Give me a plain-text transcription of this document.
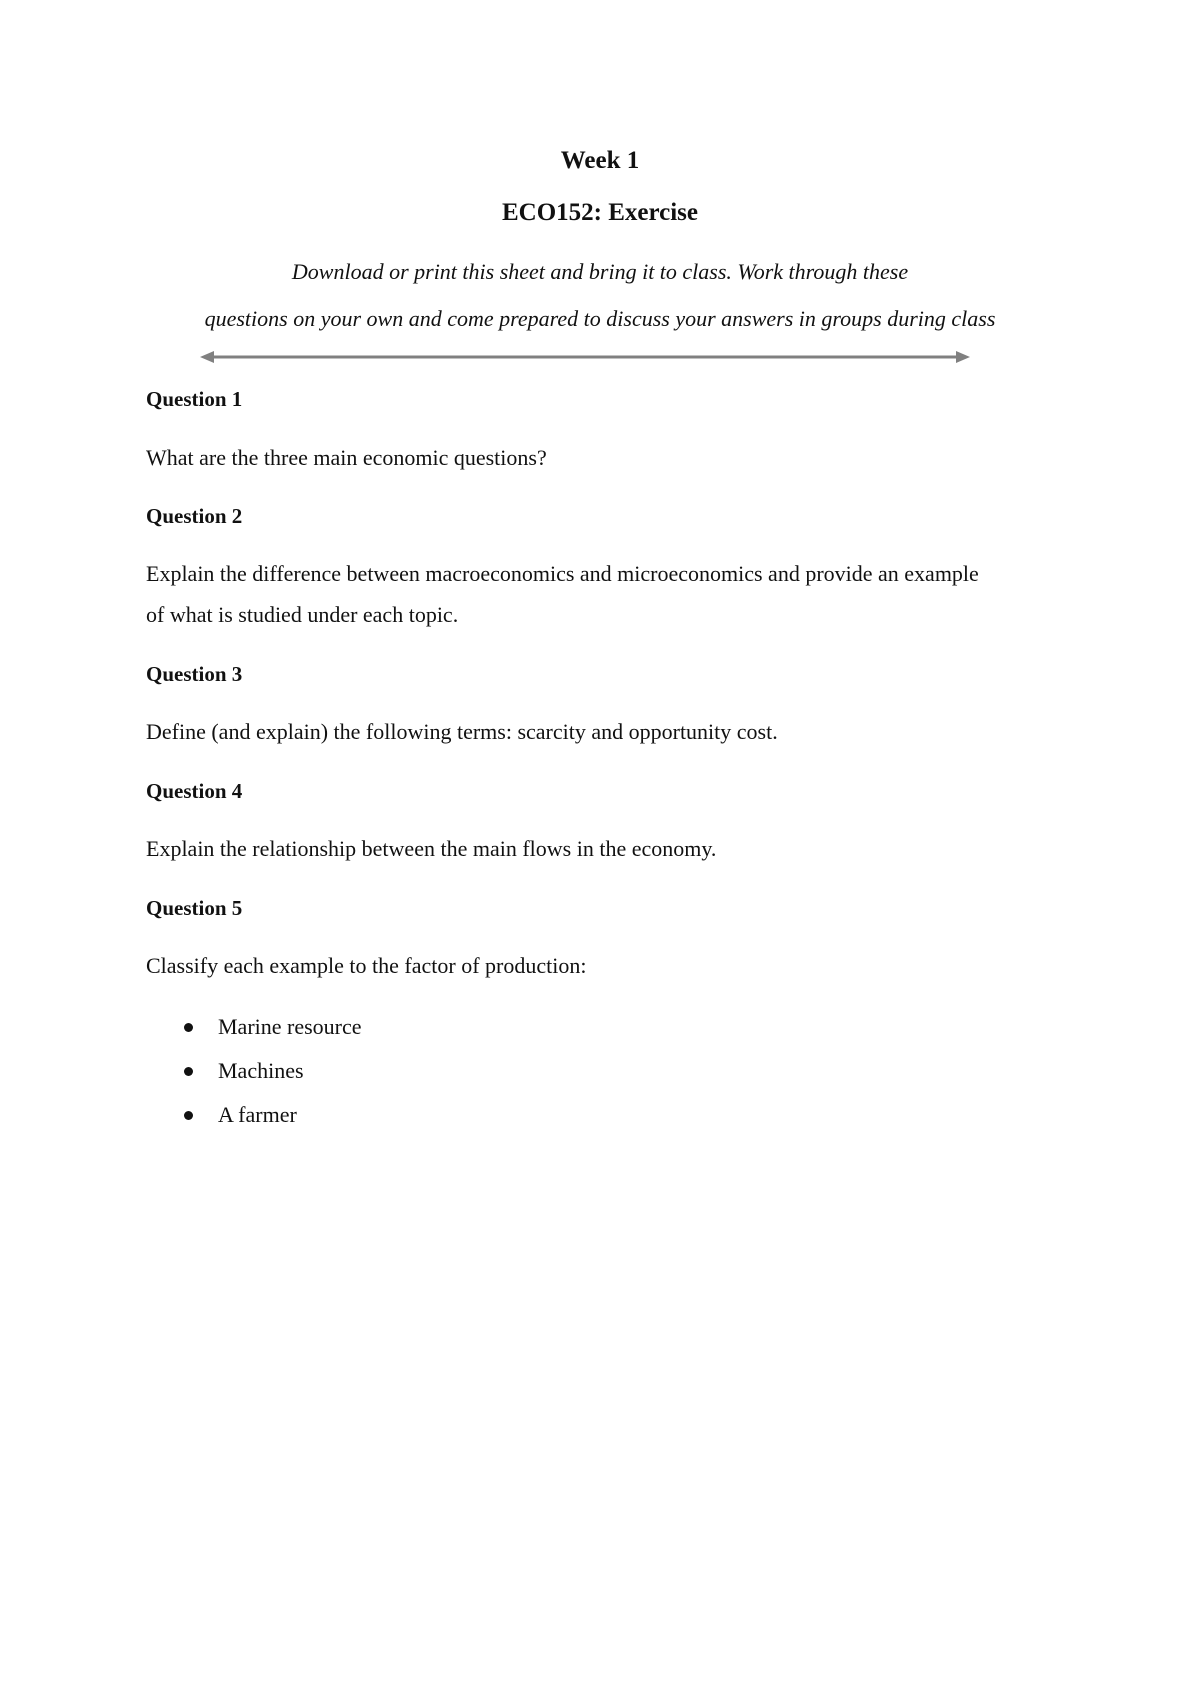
Week 1
ECO152: Exercise
Download or print this sheet and bring it to class. Work through these
questions on your own and come prepared to discuss your answers in groups during class

Question 1

What are the three main economic questions?

Question 2

Explain the difference between macroeconomics and microeconomics and provide an example

of what is studied under each topic.

Question 3

Define (and explain) the following terms: scarcity and opportunity cost.

Question 4

Explain the relationship between the main flows in the economy.

Question 5

Classify each example to the factor of production:

Marine resource
Machines
A farmer
